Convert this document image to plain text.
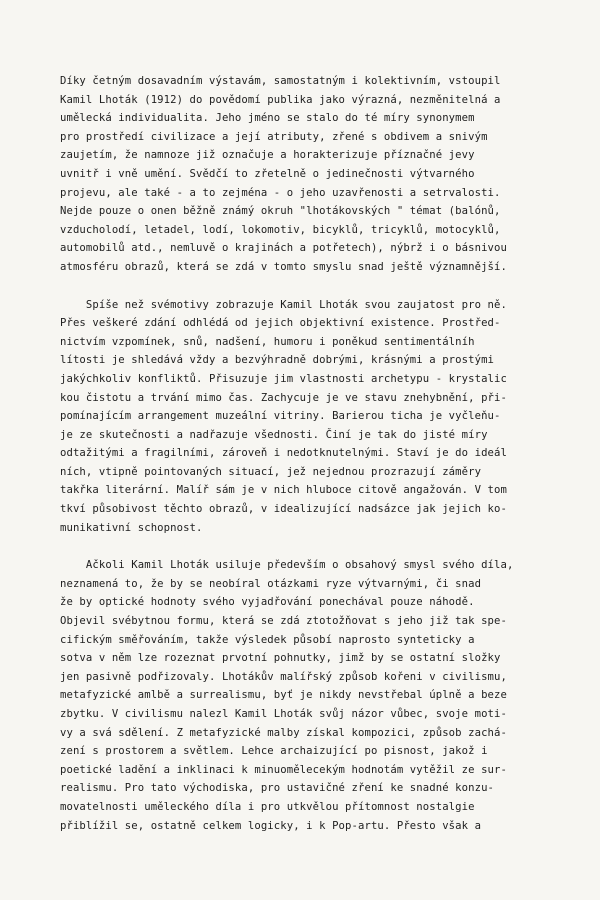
Díky četným dosavadním výstavám, samostatným i kolektivním, vstoupil
Kamil Lhoták (1912) do povědomí publika jako výrazná, nezměnitelná a
umělecká individualita. Jeho jméno se stalo do té míry synonymem
pro prostředí civilizace a její atributy, zřené s obdivem a snivým
zaujetím, že namnoze již označuje a horakterizuje příznačné jevy
uvnitř i vně umění. Svědčí to zřetelně o jedinečnosti výtvarného
projevu, ale také - a to zejména - o jeho uzavřenosti a setrvalosti.
Nejde pouze o onen běžně známý okruh "lhotákovských " témat (balónů,
vzducholodí, letadel, lodí, lokomotiv, bicyklů, tricyklů, motocyklů,
automobilů atd., nemluvě o krajinách a potřetech), nýbrž i o básnivou
atmosféru obrazů, která se zdá v tomto smyslu snad ještě významnější.
Spíše než svémotivy zobrazuje Kamil Lhoták svou zaujatost pro ně.
Přes veškeré zdání odhlédá od jejich objektivní existence. Prostřed-
nictvím vzpomínek, snů, nadšení, humoru i poněkud sentimentálníh
lítosti je shledává vždy a bezvýhradně dobrými, krásnými a prostými
jakýchkoliv konfliktů. Přisuzuje jim vlastnosti archetypu - krystalic
kou čistotu a trvání mimo čas. Zachycuje je ve stavu znehybnění, při-
pomínajícím arrangement muzeální vitriny. Barierou ticha je vyčleňu-
je ze skutečnosti a nadřazuje všednosti. Činí je tak do jisté míry
odtažitými a fragilními, zároveň i nedotknutelnými. Staví je do ideál
ních, vtipně pointovaných situací, jež nejednou prozrazují záměry
takřka literární. Malíř sám je v nich hluboce citově angažován. V tom
tkví působivost těchto obrazů, v idealizující nadsázce jak jejich ko-
munikativní schopnost.
Ačkoli Kamil Lhoták usiluje především o obsahový smysl svého díla,
neznamená to, že by se neobíral otázkami ryze výtvarnými, či snad
že by optické hodnoty svého vyjadřování ponechával pouze náhodě.
Objevil svébytnou formu, která se zdá ztotožňovat s jeho již tak spe-
cifickým směřováním, takže výsledek působí naprosto synteticky a
sotva v něm lze rozeznat prvotní pohnutky, jimž by se ostatní složky
jen pasivně podřizovaly. Lhotákův malířský způsob kořeni v civilismu,
metafyzické amlbě a surrealismu, byť je nikdy nevstřebal úplně a beze
zbytku. V civilismu nalezl Kamil Lhoták svůj názor vůbec, svoje moti-
vy a svá sdělení. Z metafyzické malby získal kompozici, způsob zachá-
zení s prostorem a světlem. Lehce archaizující po pisnost, jakož i
poetické ladění a inklinaci k minuomělecekým hodnotám vytěžil ze sur-
realismu. Pro tato východiska, pro ustavičné zření ke snadné konzu-
movatelnosti uměleckého díla i pro utkvělou přítomnost nostalgie
přiblížil se, ostatně celkem logicky, i k Pop-artu. Přesto však a
